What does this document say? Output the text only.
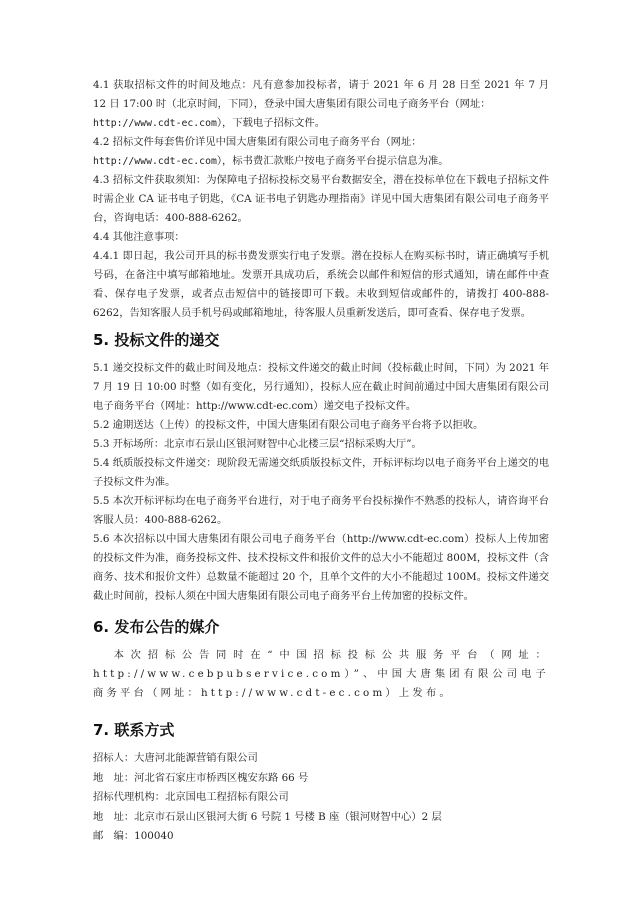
4.1 获取招标文件的时间及地点：凡有意参加投标者，请于 2021 年 6 月 28 日至 2021 年 7 月 12 日 17:00 时（北京时间，下同），登录中国大唐集团有限公司电子商务平台（网址：
http://www.cdt-ec.com），下载电子招标文件。

4.2 招标文件每套售价详见中国大唐集团有限公司电子商务平台（网址：
http://www.cdt-ec.com），标书费汇款账户按电子商务平台提示信息为准。

4.3 招标文件获取须知：为保障电子招标投标交易平台数据安全，潜在投标单位在下载电子招标文件时需企业 CA 证书电子钥匙，《CA 证书电子钥匙办理指南》详见中国大唐集团有限公司电子商务平台，咨询电话：400-888-6262。

4.4 其他注意事项：

4.4.1 即日起，我公司开具的标书费发票实行电子发票。潜在投标人在购买标书时，请正确填写手机号码，在备注中填写邮箱地址。发票开具成功后，系统会以邮件和短信的形式通知，请在邮件中查看、保存电子发票，或者点击短信中的链接即可下载。未收到短信或邮件的，请拨打 400-888-6262，告知客服人员手机号码或邮箱地址，待客服人员重新发送后，即可查看、保存电子发票。

5. 投标文件的递交

5.1 递交投标文件的截止时间及地点：投标文件递交的截止时间（投标截止时间，下同）为 2021 年 7 月 19 日 10:00 时整（如有变化，另行通知），投标人应在截止时间前通过中国大唐集团有限公司电子商务平台（网址：http://www.cdt-ec.com）递交电子投标文件。

5.2 逾期送达（上传）的投标文件，中国大唐集团有限公司电子商务平台将予以拒收。

5.3 开标场所：北京市石景山区银河财智中心北楼三层“招标采购大厅”。

5.4 纸质版投标文件递交：现阶段无需递交纸质版投标文件，开标评标均以电子商务平台上递交的电子投标文件为准。

5.5 本次开标评标均在电子商务平台进行，对于电子商务平台投标操作不熟悉的投标人，请咨询平台客服人员：400-888-6262。

5.6 本次招标以中国大唐集团有限公司电子商务平台（http://www.cdt-ec.com）投标人上传加密的投标文件为准，商务投标文件、技术投标文件和报价文件的总大小不能超过 800M，投标文件（含商务、技术和报价文件）总数量不能超过 20 个，且单个文件的大小不能超过 100M。投标文件递交截止时间前，投标人须在中国大唐集团有限公司电子商务平台上传加密的投标文件。

6. 发布公告的媒介

本次招标公告同时在“中国招标投标公共服务平台（网址：http://www.cebpubservice.com）”、中国大唐集团有限公司电子商务平台（网址：http://www.cdt-ec.com）上发布。

7. 联系方式

招标人：大唐河北能源营销有限公司

地　址：河北省石家庄市桥西区槐安东路 66 号

招标代理机构：北京国电工程招标有限公司

地　址：北京市石景山区银河大街 6 号院 1 号楼 B 座（银河财智中心）2 层

邮　编：100040
